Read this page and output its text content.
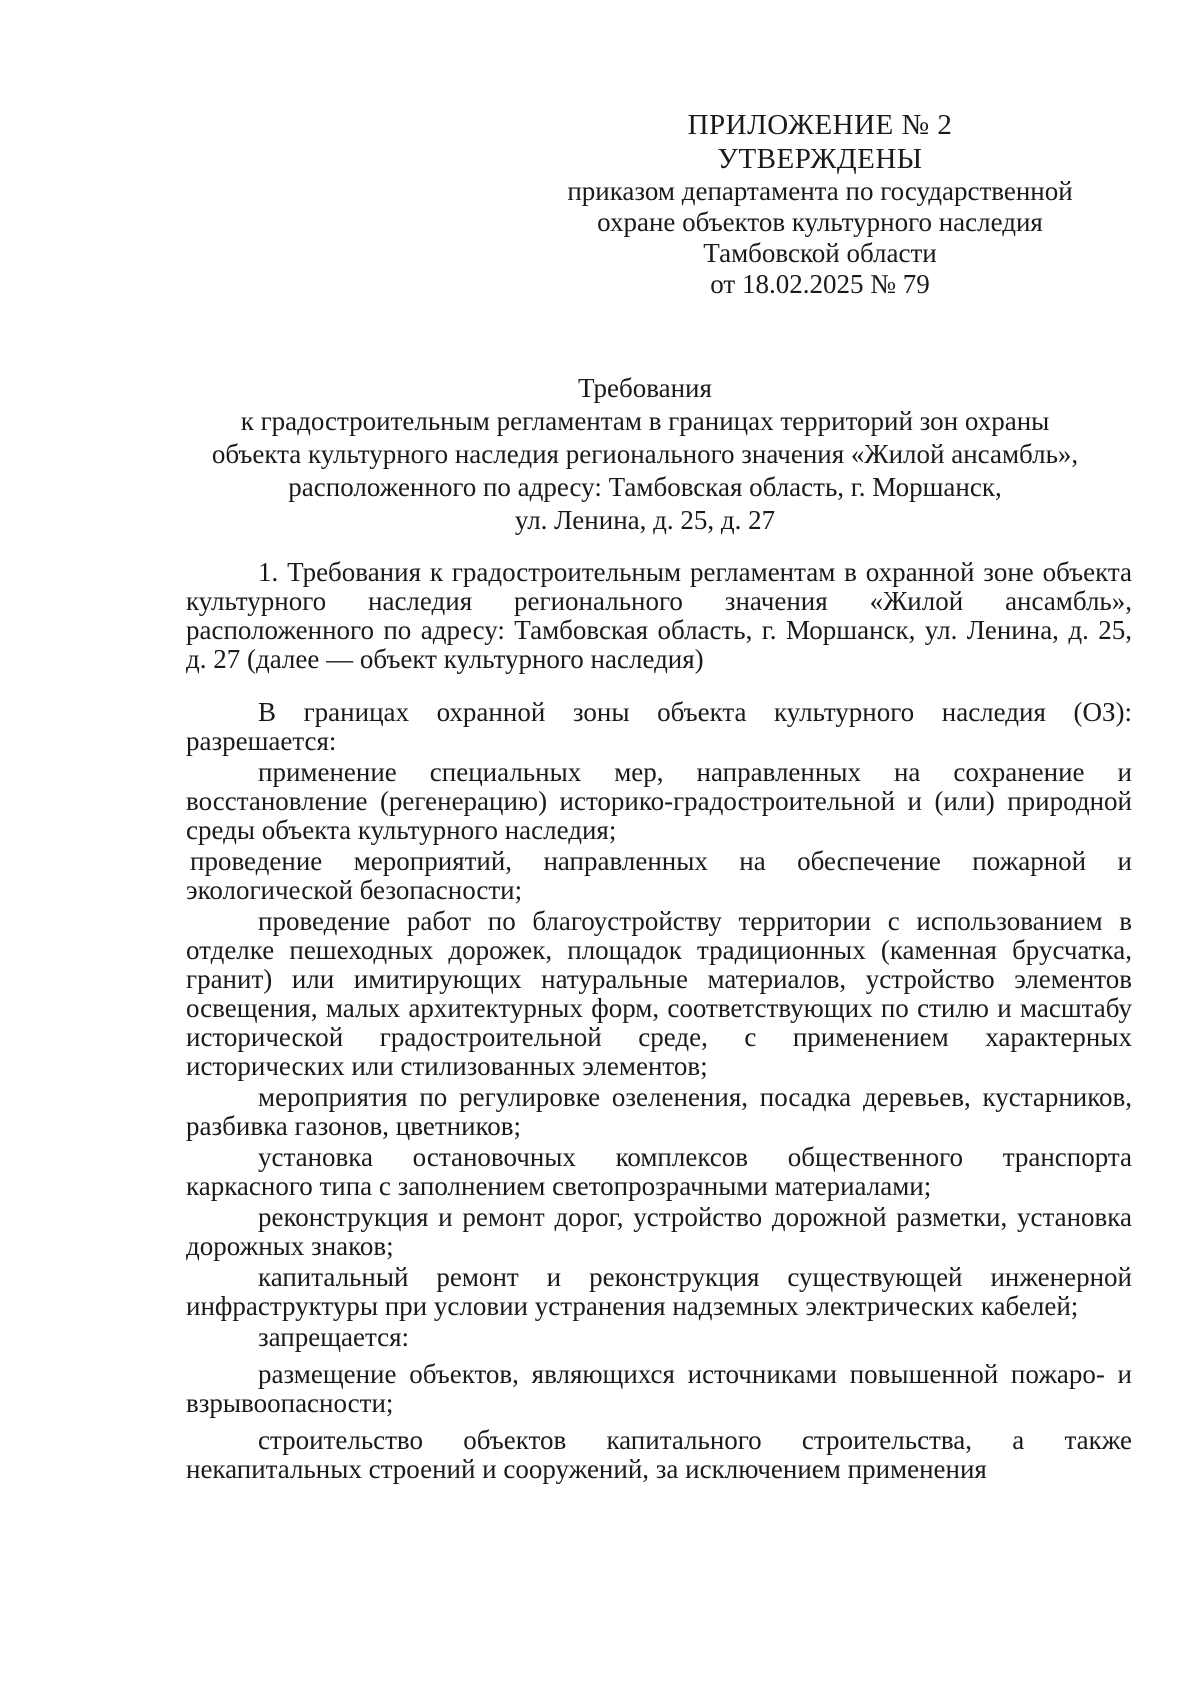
ПРИЛОЖЕНИЕ № 2
УТВЕРЖДЕНЫ
приказом департамента по государственной
охране объектов культурного наследия
Тамбовской области
от 18.02.2025 № 79
Требования
к градостроительным регламентам в границах территорий зон охраны
объекта культурного наследия регионального значения «Жилой ансамбль»,
расположенного по адресу: Тамбовская область, г. Моршанск,
ул. Ленина, д. 25, д. 27

1. Требования к градостроительным регламентам в охранной зоне объекта культурного наследия регионального значения «Жилой ансамбль», расположенного по адресу: Тамбовская область, г. Моршанск, ул. Ленина, д. 25, д. 27 (далее — объект культурного наследия)

В границах охранной зоны объекта культурного наследия (ОЗ): разрешается:

применение специальных мер, направленных на сохранение и восстановление (регенерацию) историко-градостроительной и (или) природной среды объекта культурного наследия;

проведение мероприятий, направленных на обеспечение пожарной и экологической безопасности;

проведение работ по благоустройству территории с использованием в отделке пешеходных дорожек, площадок традиционных (каменная брусчатка, гранит) или имитирующих натуральные материалов, устройство элементов освещения, малых архитектурных форм, соответствующих по стилю и масштабу исторической градостроительной среде, с применением характерных исторических или стилизованных элементов;

мероприятия по регулировке озеленения, посадка деревьев, кустарников, разбивка газонов, цветников;

установка остановочных комплексов общественного транспорта каркасного типа с заполнением светопрозрачными материалами;

реконструкция и ремонт дорог, устройство дорожной разметки, установка дорожных знаков;

капитальный ремонт и реконструкция существующей инженерной инфраструктуры при условии устранения надземных электрических кабелей;

запрещается:

размещение объектов, являющихся источниками повышенной пожаро- и взрывоопасности;

строительство объектов капитального строительства, а также некапитальных строений и сооружений, за исключением применения
